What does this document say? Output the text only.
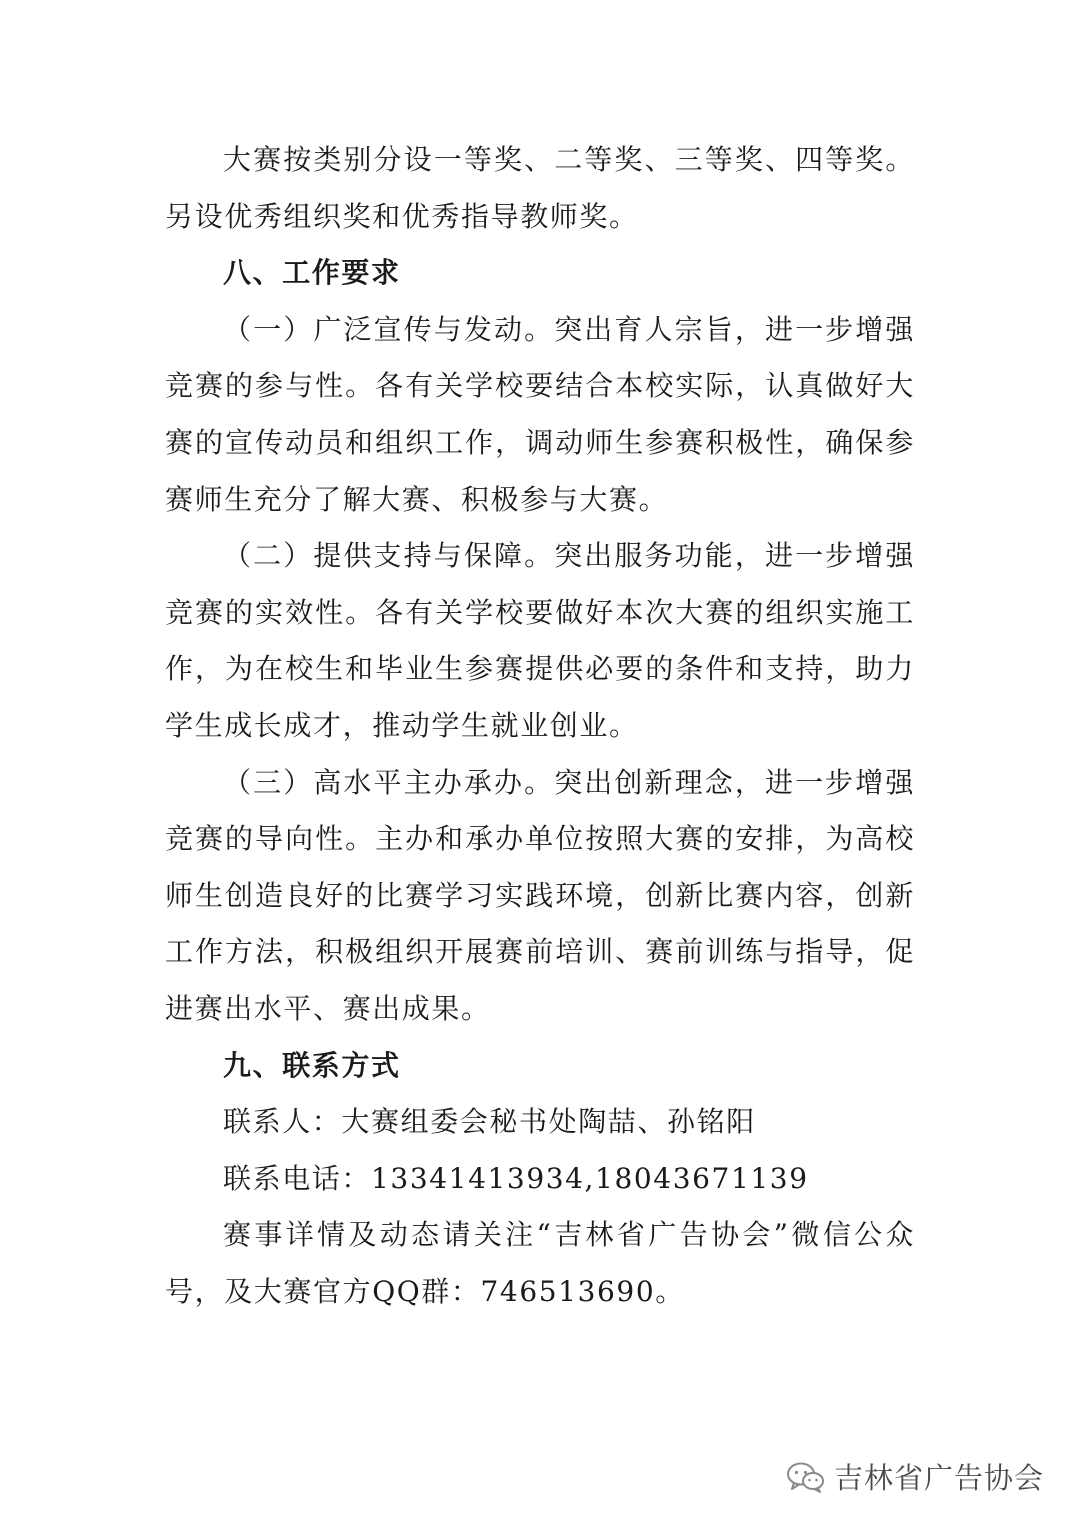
大赛按类别分设一等奖、二等奖、三等奖、四等奖。另设优秀组织奖和优秀指导教师奖。

八、工作要求

（一）广泛宣传与发动。突出育人宗旨，进一步增强竞赛的参与性。各有关学校要结合本校实际，认真做好大赛的宣传动员和组织工作，调动师生参赛积极性，确保参赛师生充分了解大赛、积极参与大赛。

（二）提供支持与保障。突出服务功能，进一步增强竞赛的实效性。各有关学校要做好本次大赛的组织实施工作，为在校生和毕业生参赛提供必要的条件和支持，助力学生成长成才，推动学生就业创业。

（三）高水平主办承办。突出创新理念，进一步增强竞赛的导向性。主办和承办单位按照大赛的安排，为高校师生创造良好的比赛学习实践环境，创新比赛内容，创新工作方法，积极组织开展赛前培训、赛前训练与指导，促进赛出水平、赛出成果。

九、联系方式

联系人：大赛组委会秘书处陶喆、孙铭阳

联系电话：13341413934,18043671139

赛事详情及动态请关注“吉林省广告协会”微信公众号，及大赛官方QQ群：746513690。

吉林省广告协会
